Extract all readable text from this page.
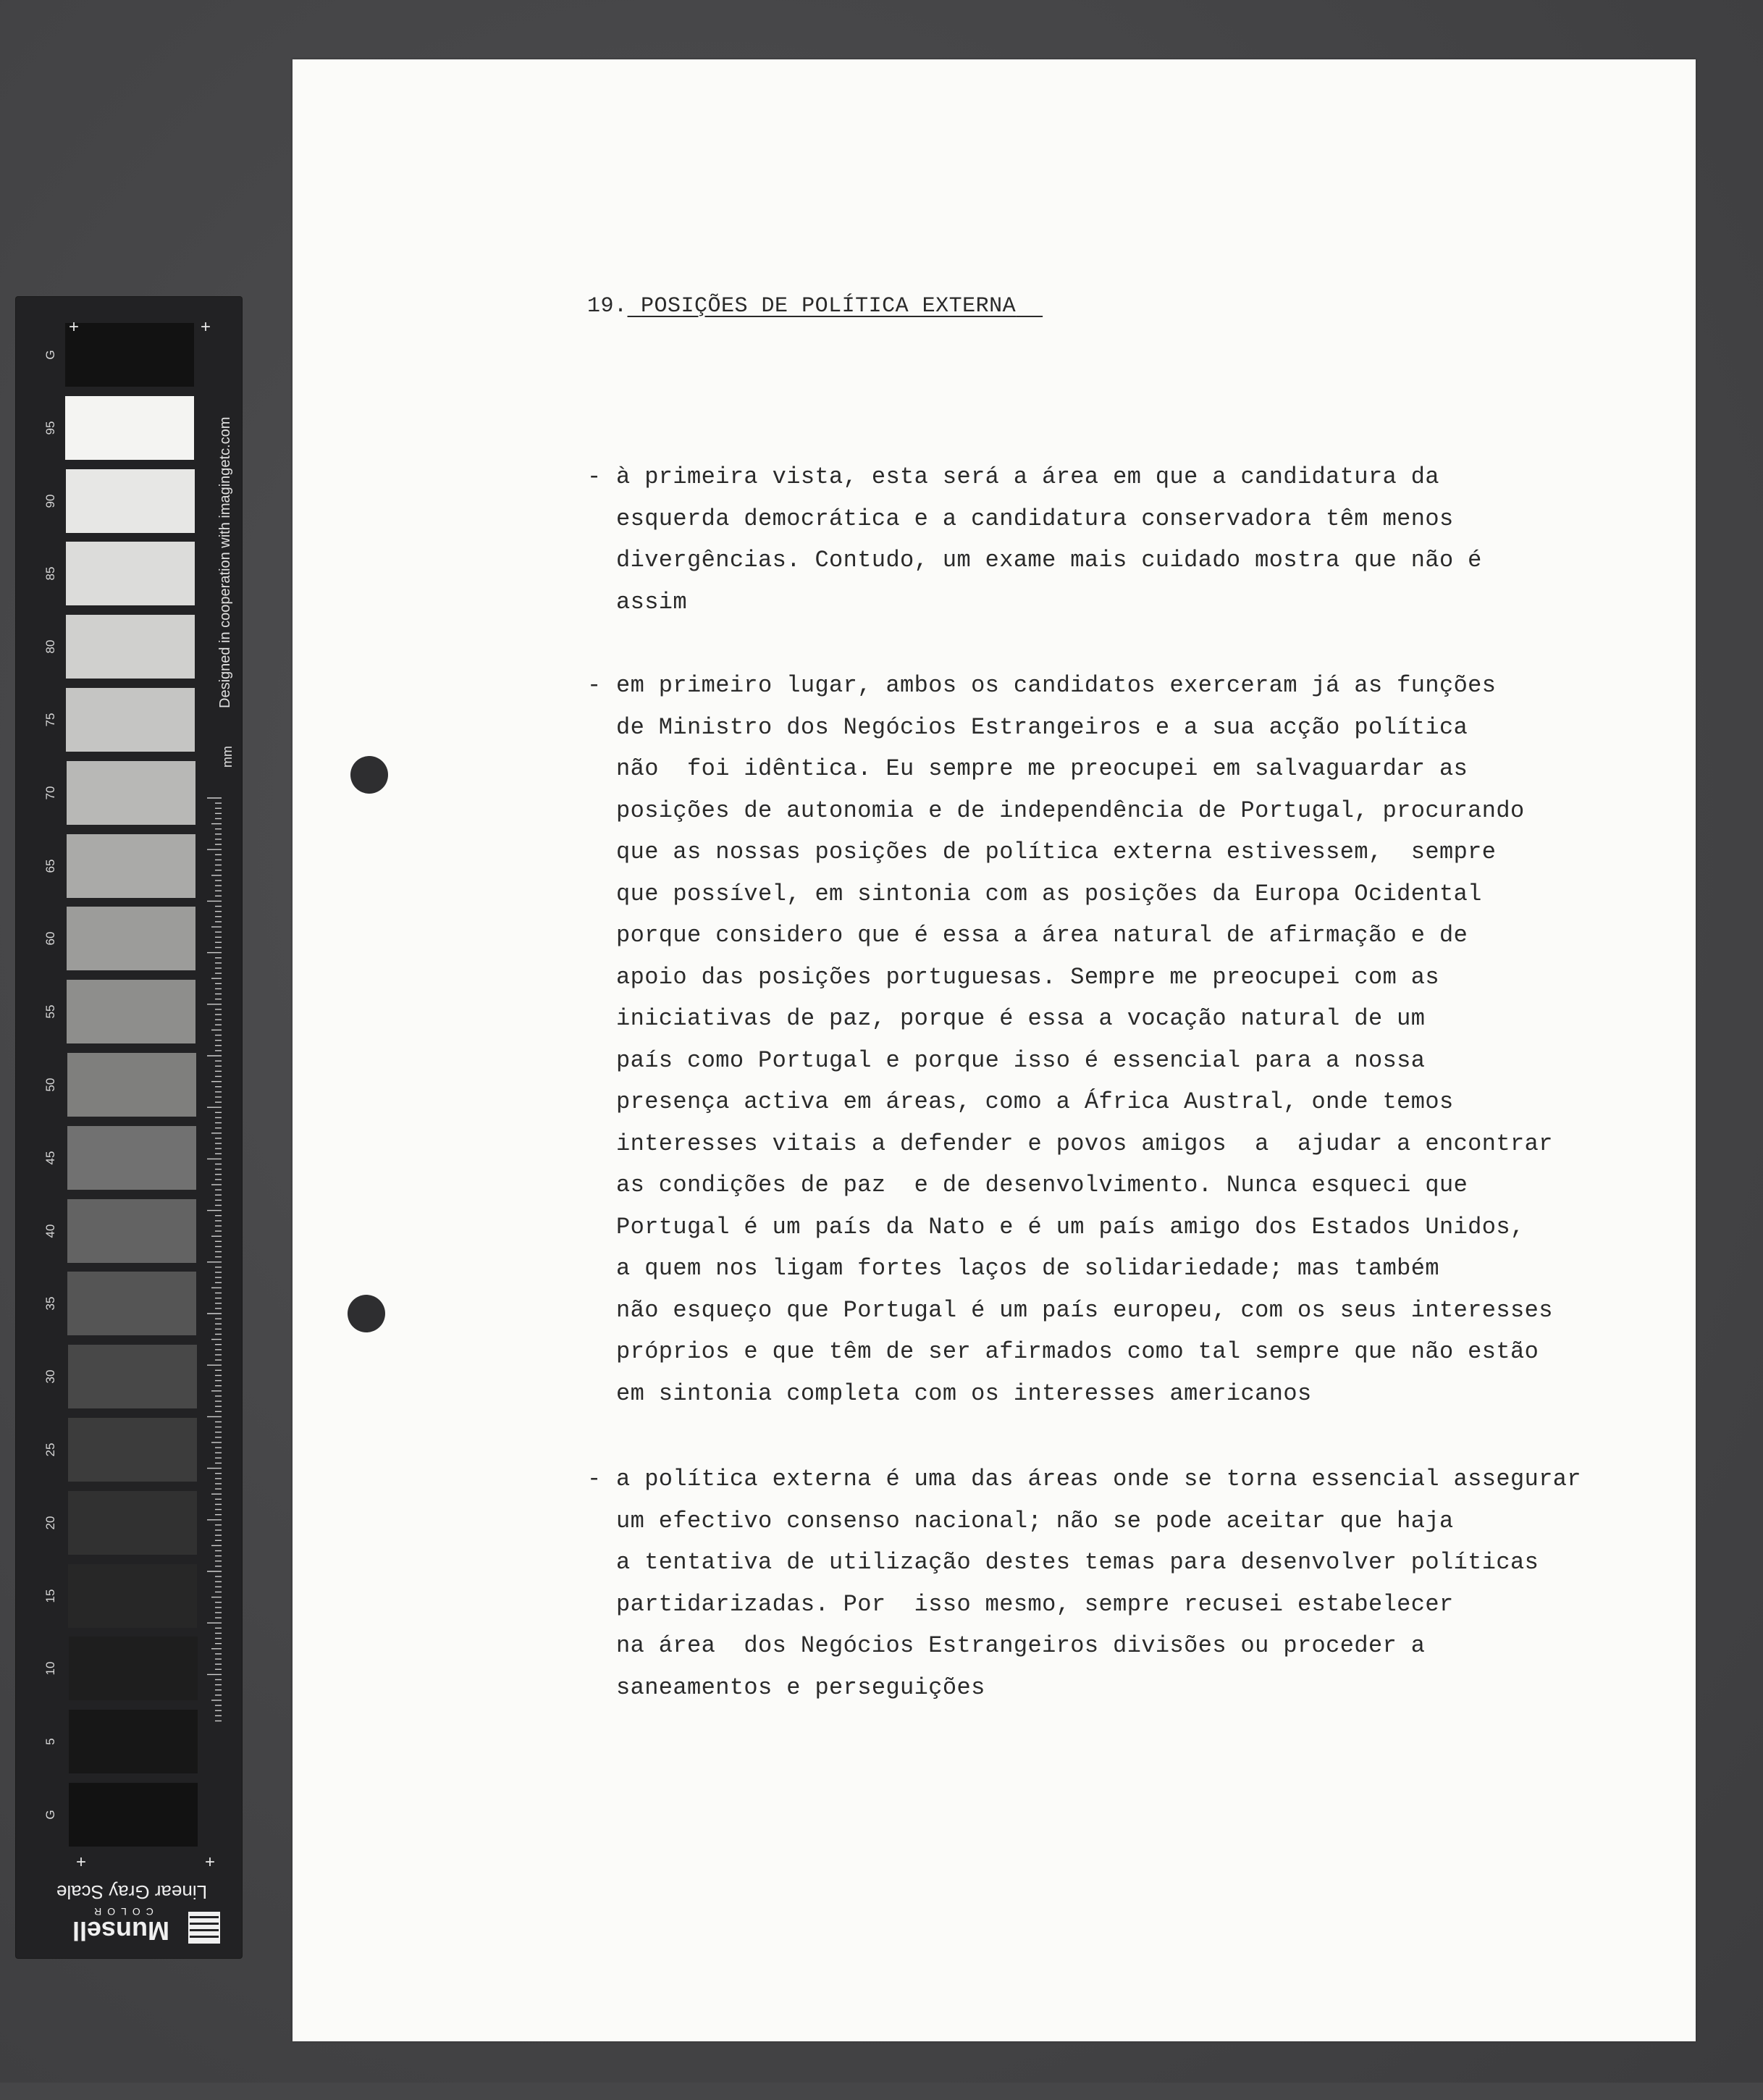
G
95
90
85
80
75
70
65
60
55
50
45
40
35
30
25
20
15
10
5
G
+	+
+	+
Designed in cooperation with imagingetc.com
mm
Linear Gray Scale
COLOR
Munsell
19. POSIÇÕES DE POLÍTICA EXTERNA
- à primeira vista, esta será a área em que a candidatura da
esquerda democrática e a candidatura conservadora têm menos
divergências. Contudo, um exame mais cuidado mostra que não é
assim
- em primeiro lugar, ambos os candidatos exerceram já as funções
de Ministro dos Negócios Estrangeiros e a sua acção política
não  foi idêntica. Eu sempre me preocupei em salvaguardar as
posições de autonomia e de independência de Portugal, procurando
que as nossas posições de política externa estivessem,  sempre
que possível, em sintonia com as posições da Europa Ocidental
porque considero que é essa a área natural de afirmação e de
apoio das posições portuguesas. Sempre me preocupei com as
iniciativas de paz, porque é essa a vocação natural de um
país como Portugal e porque isso é essencial para a nossa
presença activa em áreas, como a África Austral, onde temos
interesses vitais a defender e povos amigos  a  ajudar a encontrar
as condições de paz  e de desenvolvimento. Nunca esqueci que
Portugal é um país da Nato e é um país amigo dos Estados Unidos,
a quem nos ligam fortes laços de solidariedade; mas também
não esqueço que Portugal é um país europeu, com os seus interesses
próprios e que têm de ser afirmados como tal sempre que não estão
em sintonia completa com os interesses americanos
- a política externa é uma das áreas onde se torna essencial assegurar
um efectivo consenso nacional; não se pode aceitar que haja
a tentativa de utilização destes temas para desenvolver políticas
partidarizadas. Por  isso mesmo, sempre recusei estabelecer
na área  dos Negócios Estrangeiros divisões ou proceder a
saneamentos e perseguições
